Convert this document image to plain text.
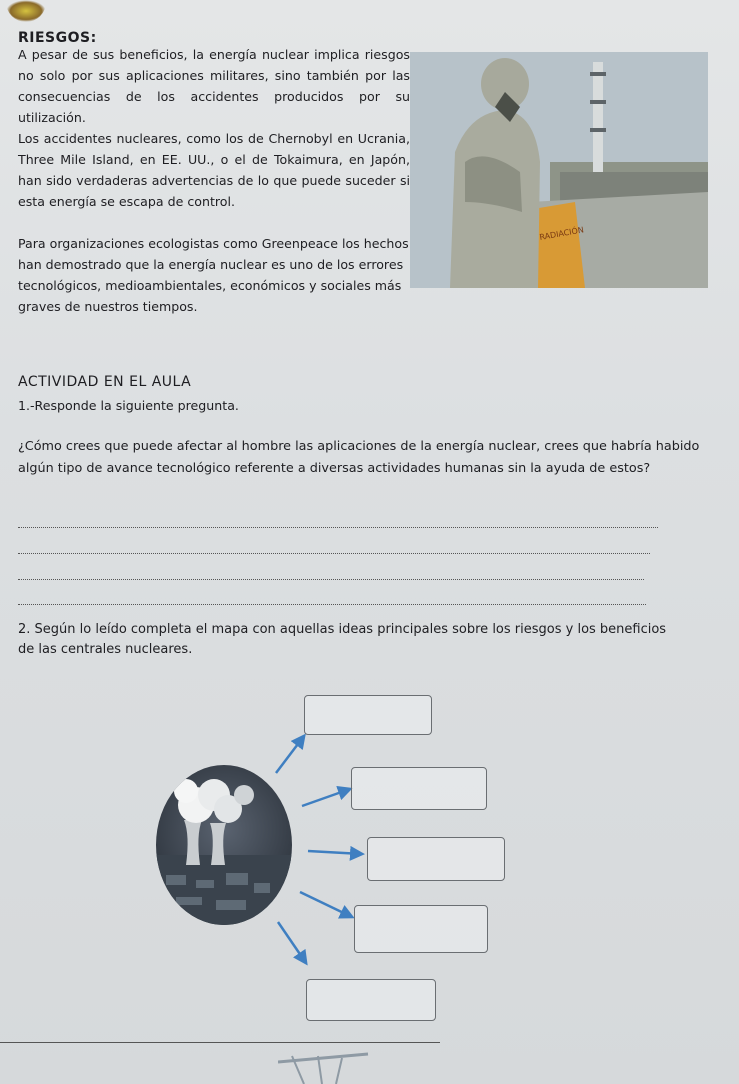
RIESGOS:

A pesar de sus beneficios, la energía nuclear implica riesgos no solo por sus aplicaciones militares, sino también por las consecuencias de los accidentes producidos por su utilización.

Los accidentes nucleares, como los de Chernobyl en Ucrania, Three Mile Island, en EE. UU., o el de Tokaimura, en Japón, han sido verdaderas advertencias de lo que puede suceder si esta energía se escapa de control.

Para organizaciones ecologistas como Greenpeace los hechos han demostrado que la energía nuclear es uno de los errores tecnológicos, medioambientales, económicos y sociales más graves de nuestros tiempos.

RADIACIÓN
ACTIVIDAD EN EL AULA
1.-Responde la siguiente pregunta.

¿Cómo crees que puede afectar al hombre las aplicaciones de la energía nuclear, crees que habría habido algún tipo de avance tecnológico referente a diversas actividades humanas sin la ayuda de estos?

2. Según lo leído completa el mapa con aquellas ideas principales sobre los riesgos y los beneficios de las centrales nucleares.
